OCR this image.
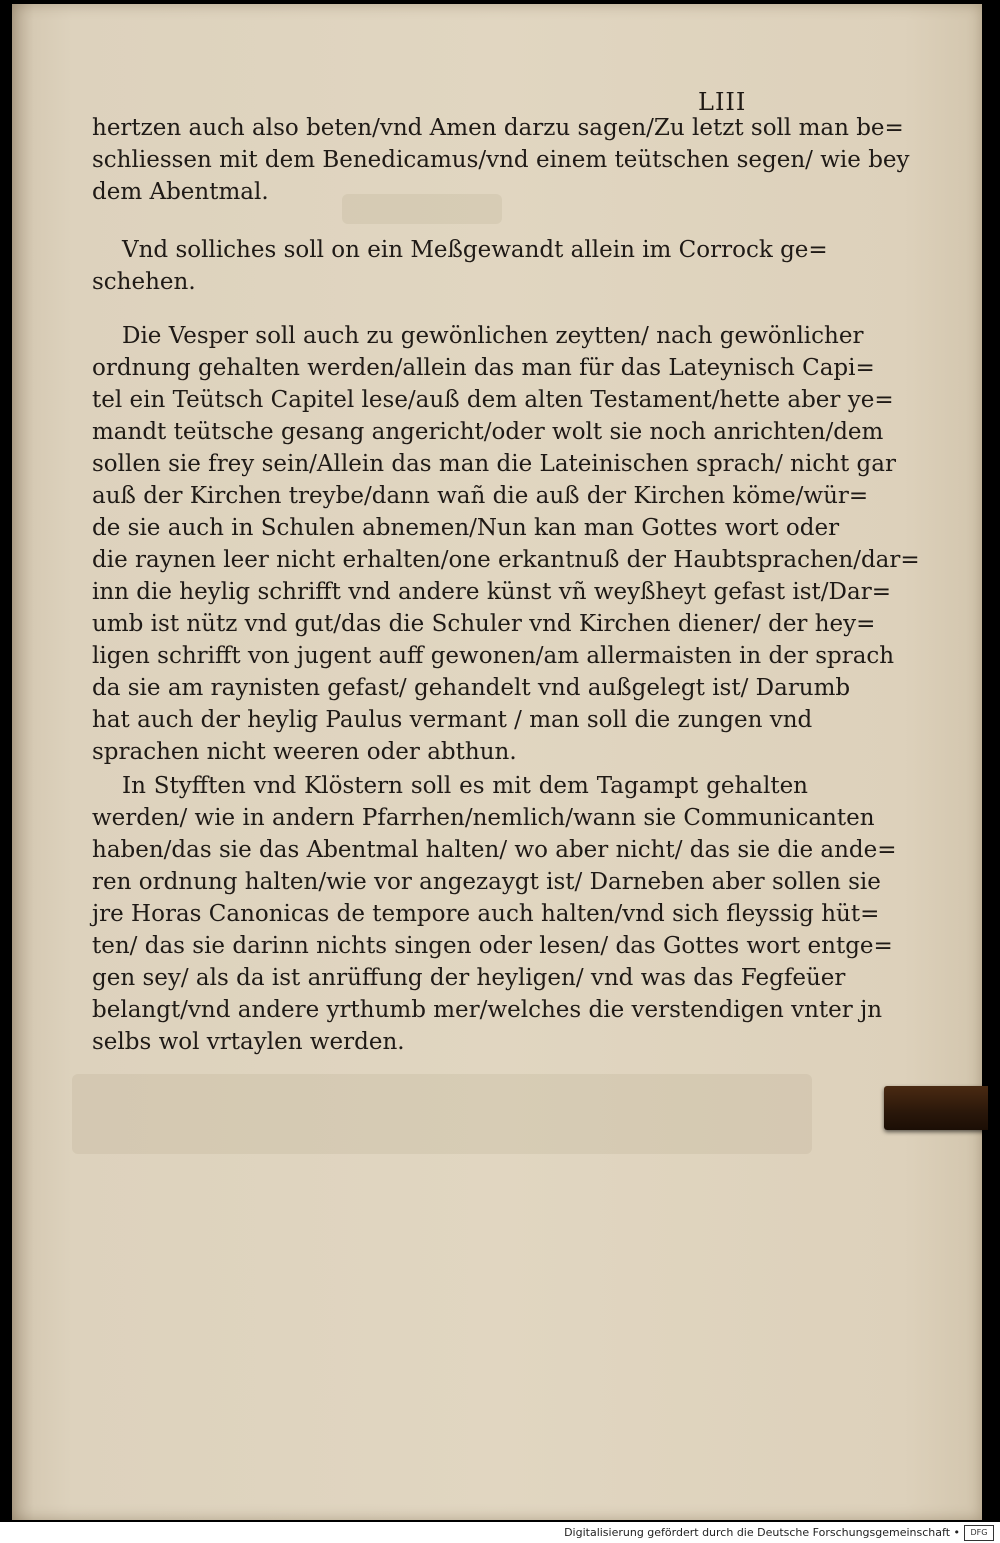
LIII
hertzen auch also beten/vnd Amen darzu sagen/Zu letzt soll man be=
schliessen mit dem Benedicamus/vnd einem teütschen segen/ wie bey
dem Abentmal.
Vnd solliches soll on ein Meßgewandt allein im Corrock ge=
schehen.
Die Vesper soll auch zu gewönlichen zeytten/ nach gewönlicher
ordnung gehalten werden/allein das man für das Lateynisch Capi=
tel ein Teütsch Capitel lese/auß dem alten Testament/hette aber ye=
mandt teütsche gesang angericht/oder wolt sie noch anrichten/dem
sollen sie frey sein/Allein das man die Lateinischen sprach/ nicht gar
auß der Kirchen treybe/dann wañ die auß der Kirchen köme/wür=
de sie auch in Schulen abnemen/Nun kan man Gottes wort oder
die raynen leer nicht erhalten/one erkantnuß der Haubtsprachen/dar=
inn die heylig schrifft vnd andere künst vñ weyßheyt gefast ist/Dar=
umb ist nütz vnd gut/das die Schuler vnd Kirchen diener/ der hey=
ligen schrifft von jugent auff gewonen/am allermaisten in der sprach
da sie am raynisten gefast/ gehandelt vnd außgelegt ist/ Darumb
hat auch der heylig Paulus vermant / man soll die zungen vnd
sprachen nicht weeren oder abthun.
In Styfften vnd Klöstern soll es mit dem Tagampt gehalten
werden/ wie in andern Pfarrhen/nemlich/wann sie Communicanten
haben/das sie das Abentmal halten/ wo aber nicht/ das sie die ande=
ren ordnung halten/wie vor angezaygt ist/ Darneben aber sollen sie
jre Horas Canonicas de tempore auch halten/vnd sich fleyssig hüt=
ten/ das sie darinn nichts singen oder lesen/ das Gottes wort entge=
gen sey/ als da ist anrüffung der heyligen/ vnd was das Fegfeüer
belangt/vnd andere yrthumb mer/welches die verstendigen vnter jn
selbs wol vrtaylen werden.
Digitalisierung gefördert durch die Deutsche Forschungsgemeinschaft •	DFG
